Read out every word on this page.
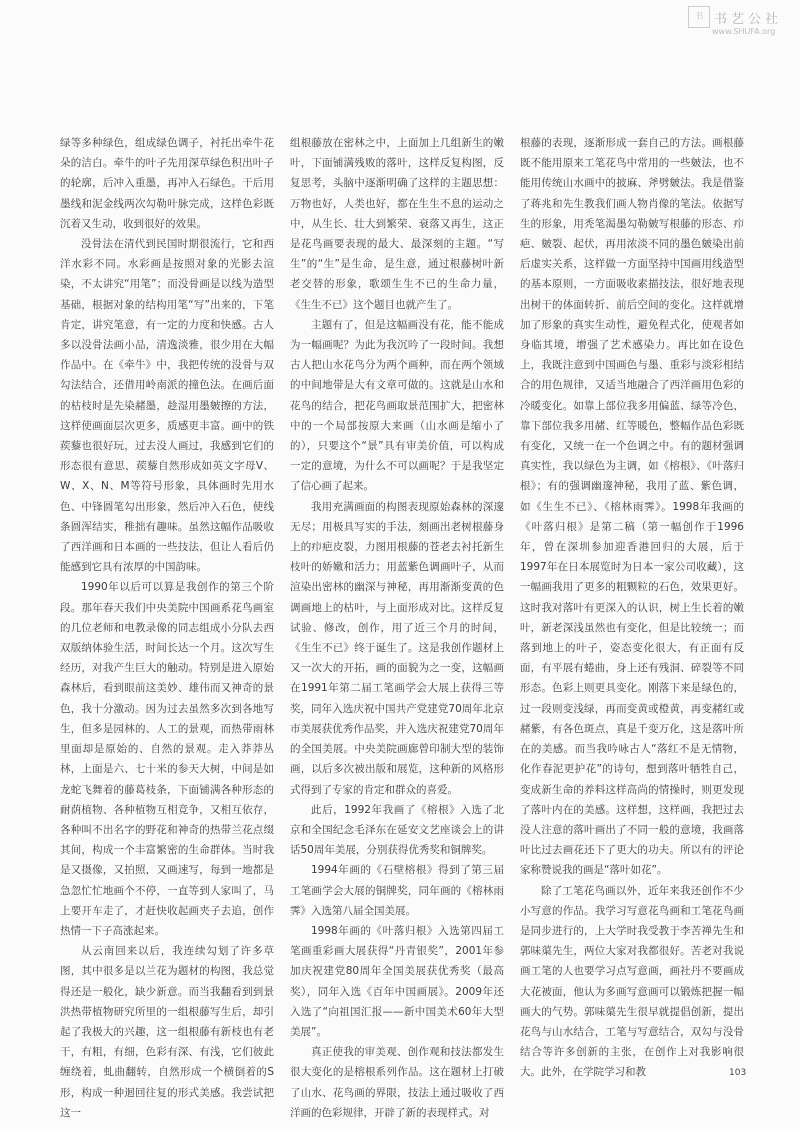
书 书艺公社
www.SHUFA.org

绿等多种绿色，组成绿色调子，衬托出牵牛花朵的洁白。牵牛的叶子先用深草绿色积出叶子的轮廓，后冲入重墨，再冲入石绿色。干后用墨线和泥金线两次勾勒叶脉完成，这样色彩既沉着又生动，收到很好的效果。

没骨法在清代到民国时期很流行，它和西洋水彩不同。水彩画是按照对象的光影去渲染，不太讲究“用笔”；而没骨画是以线为造型基础，根据对象的结构用笔“写”出来的，下笔肯定，讲究笔意，有一定的力度和快感。古人多以没骨法画小品，清逸淡雅，很少用在大幅作品中。在《牵牛》中，我把传统的没骨与双勾法结合，还借用岭南派的撞色法。在画后面的枯枝时是先染赭墨，趁湿用墨皴擦的方法，这样使画面层次更多，质感更丰富。画中的铁蒺藜也很好玩，过去没人画过，我感到它们的形态很有意思，蒺藜自然形成如英文字母V、W、X、N、M等符号形象，具体画时先用水色、中锋圆笔勾出形象，然后冲入石色，使线条圆浑结实，稚拙有趣味。虽然这幅作品吸收了西洋画和日本画的一些技法，但让人看后仍能感到它具有浓厚的中国韵味。

1990年以后可以算是我创作的第三个阶段。那年春天我们中央美院中国画系花鸟画室的几位老师和电教录像的同志组成小分队去西双版纳体验生活，时间长达一个月。这次写生经历，对我产生巨大的触动。特别是进入原始森林后，看到眼前这美妙、雄伟而又神奇的景色，我十分激动。因为过去虽然多次到各地写生，但多是园林的、人工的景观，而热带雨林里面却是原始的、自然的景观。走入莽莽丛林，上面是六、七十米的参天大树，中间是如龙蛇飞舞着的藤葛枝条，下面铺满各种形态的耐荫植物、各种植物互相竞争，又相互依存，各种叫不出名字的野花和神奇的热带兰花点缀其间，构成一个丰富繁密的生命群体。当时我是又摄像，又拍照，又画速写，每到一地都是急忽忙忙地画个不停，一直等到人家叫了，马上要开车走了，才赶快收起画夹子去追，创作热情一下子高涨起来。

从云南回来以后，我连续勾划了许多草图，其中很多是以兰花为题材的构图，我总觉得还是一般化，缺少新意。而当我翻看到到景洪热带植物研究所里的一组根藤写生后，却引起了我极大的兴趣，这一组根藤有新枝也有老干，有粗，有细，色彩有深、有浅，它们彼此缠绕着，虬曲翻转，自然形成一个横倒着的S形，构成一种迴回往复的形式美感。我尝试把这一

组根藤放在密林之中，上面加上几组新生的嫩叶，下面铺满残败的落叶，这样反复构图，反复思考，头脑中逐渐明确了这样的主题思想：万物也好，人类也好，都在生生不息的运动之中，从生长、壮大到繁荣、衰落又再生，这正是花鸟画要表现的最大、最深刻的主题。“写生”的“生”是生命，是生意，通过根藤树叶新老交替的形象，歌颂生生不已的生命力量，《生生不已》这个题目也就产生了。

主题有了，但是这幅画没有花，能不能成为一幅画呢？为此为我沉吟了一段时间。我想古人把山水花鸟分为两个画种，而在两个领域的中间地带是大有文章可做的。这就是山水和花鸟的结合，把花鸟画取景范围扩大，把密林中的一个局部按原大来画（山水画是缩小了的），只要这个“景”具有审美价值，可以构成一定的意境，为什么不可以画呢？于是我坚定了信心画了起来。

我用充满画面的构图表现原始森林的深邃无尽；用极具写实的手法，刻画出老树根藤身上的疖疤皮裂，力图用根藤的苍老去衬托新生枝叶的娇嫩和活力；用蓝紫色调画叶子，从而渲染出密林的幽深与神秘，再用渐渐变黄的色调画地上的枯叶，与上面形成对比。这样反复试验、修改，创作，用了近三个月的时间，《生生不已》终于诞生了。这是我创作题材上又一次大的开拓，画的面貌为之一变，这幅画在1991年第二届工笔画学会大展上获得三等奖，同年入选庆祝中国共产党建党70周年北京市美展获优秀作品奖，并入选庆祝建党70周年的全国美展。中央美院画廊曾印制大型的装饰画，以后多次被出版和展览，这种新的风格形式得到了专家的肯定和群众的喜爱。

此后，1992年我画了《榕根》入选了北京和全国纪念毛泽东在延安文艺座谈会上的讲话50周年美展，分别获得优秀奖和铜牌奖。

1994年画的《石壁榕根》得到了第三届工笔画学会大展的铜牌奖，同年画的《榕林雨霁》入选第八届全国美展。

1998年画的《叶落归根》入选第四届工笔画重彩画大展获得“丹青银奖”，2001年参加庆祝建党80周年全国美展获优秀奖（最高奖），同年入选《百年中国画展》。2009年还入选了“向祖国汇报——新中国美术60年大型美展”。

真正使我的审美观、创作观和技法都发生很大变化的是榕根系列作品。这在题材上打破了山水、花鸟画的界限，技法上通过吸收了西洋画的色彩规律，开辟了新的表现样式。对

根藤的表现，逐渐形成一套自己的方法。画根藤既不能用原来工笔花鸟中常用的一些皴法，也不能用传统山水画中的披麻、斧劈皴法。我是借鉴了蒋兆和先生教我们画人物肖像的笔法。依据写生的形象，用秃笔渴墨勾勒皴写根藤的形态、疖疤、皴裂、起伏，再用浓淡不同的墨色皴染出前后虚实关系，这样做一方面坚持中国画用线造型的基本原则，一方面吸收素描技法，很好地表现出树干的体面转折、前后空间的变化。这样就增加了形象的真实生动性，避免程式化，使观者如身临其境，增强了艺术感染力。再比如在设色上，我既注意到中国画色与墨、重彩与淡彩相结合的用色规律，又适当地融合了西洋画用色彩的冷暖变化。如靠上部位我多用偏蓝、绿等冷色，靠下部位我多用赭、红等暖色，整幅作品色彩既有变化，又统一在一个色调之中。有的题材强调真实性，我以绿色为主调，如《榕根》、《叶落归根》；有的强调幽邃神秘，我用了蓝、紫色调，如《生生不已》、《榕林雨霁》。1998年我画的《叶落归根》是第二稿（第一幅创作于1996年，曾在深圳参加迎香港回归的大展，后于1997年在日本展览时为日本一家公司收藏），这一幅画我用了更多的粗颗粒的石色，效果更好。这时我对落叶有更深入的认识，树上生长着的嫩叶，新老深浅虽然也有变化，但是比较统一；而落到地上的叶子，姿态变化很大，有正面有反面，有平展有蜷曲，身上还有残洞、碎裂等不同形态。色彩上则更具变化。刚落下来是绿色的，过一段则变浅绿，再而变黄或橙黄，再变赭红或赭紫，有各色斑点，真是千变万化，这是落叶所在的美感。而当我吟咏古人“落红不是无情物，化作春泥更护花”的诗句，想到落叶牺牲自己，变成新生命的养料这样高尚的情操时，则更发现了落叶内在的美感。这样想，这样画，我把过去没人注意的落叶画出了不同一般的意境，我画落叶比过去画花还下了更大的功夫。所以有的评论家称赞说我的画是“落叶如花”。

除了工笔花鸟画以外，近年来我还创作不少小写意的作品。我学习写意花鸟画和工笔花鸟画是同步进行的，上大学时我受教于李苦禅先生和郭味蕖先生，两位大家对我都很好。苦老对我说画工笔的人也要学习点写意画，画社丹不要画成大花被面，他认为多画写意画可以锻炼把握一幅画大的气势。郭味蕖先生很早就提倡创新，提出花鸟与山水结合，工笔与写意结合，双勾与没骨结合等许多创新的主张，在创作上对我影响很大。此外，在学院学习和教	103
